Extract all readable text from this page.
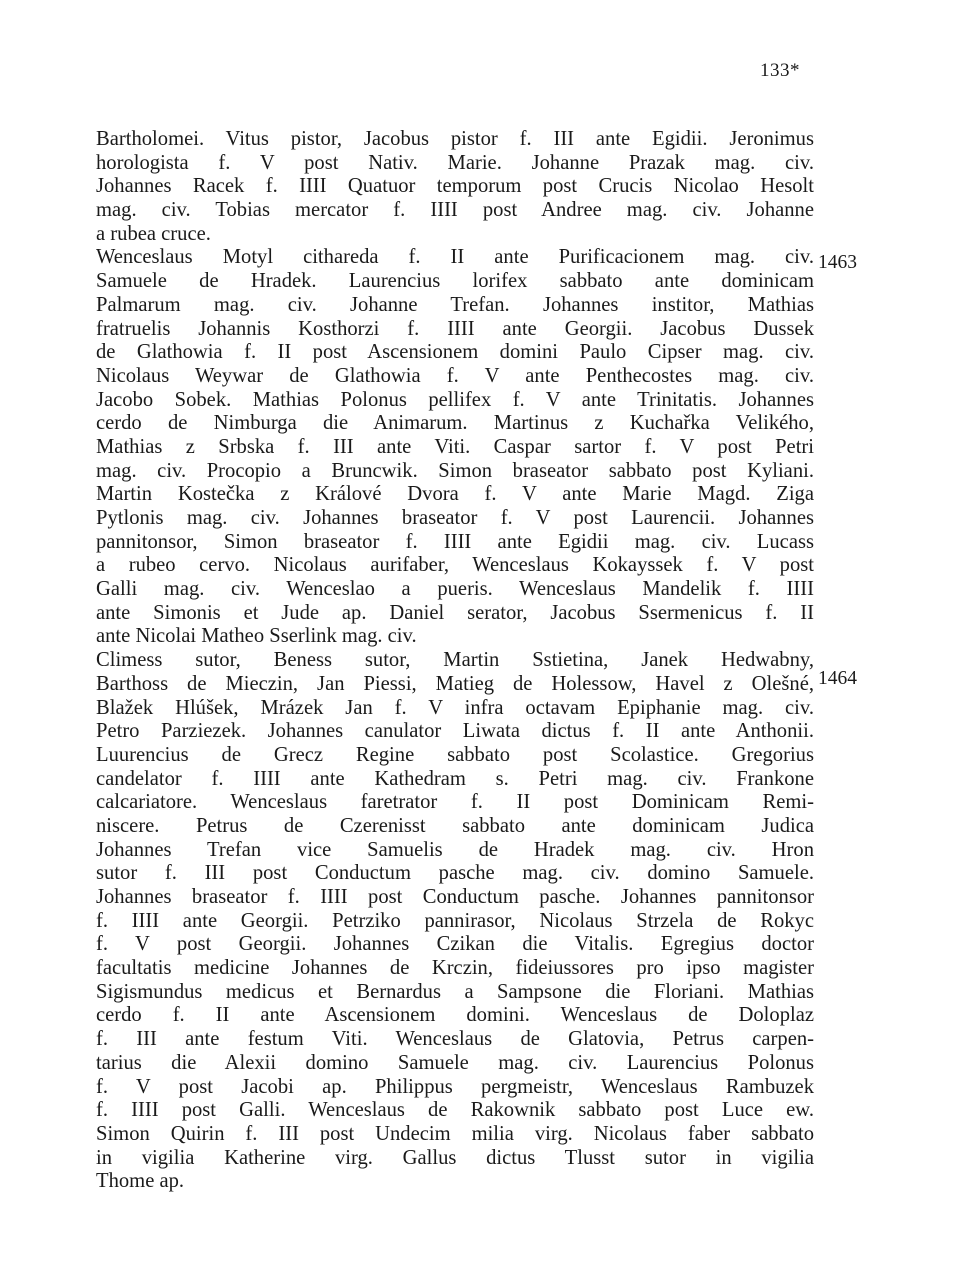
133*
Bartholomei. Vitus pistor, Jacobus pistor f. III ante Egidii. Jeronimus
horologista f. V post Nativ. Marie. Johanne Prazak mag. civ.
Johannes Racek f. IIII Quatuor temporum post Crucis Nicolao Hesolt
mag. civ. Tobias mercator f. IIII post Andree mag. civ. Johanne
a rubea cruce.
Wenceslaus Motyl cithareda f. II ante Purificacionem mag. civ.
Samuele de Hradek. Laurencius lorifex sabbato ante dominicam
Palmarum mag. civ. Johanne Trefan. Johannes institor, Mathias
fratruelis Johannis Kosthorzi f. IIII ante Georgii. Jacobus Dussek
de Glathowia f. II post Ascensionem domini Paulo Cipser mag. civ.
Nicolaus Weywar de Glathowia f. V ante Penthecostes mag. civ.
Jacobo Sobek. Mathias Polonus pellifex f. V ante Trinitatis. Johannes
cerdo de Nimburga die Animarum. Martinus z Kuchařka Velikého,
Mathias z Srbska f. III ante Viti. Caspar sartor f. V post Petri
mag. civ. Procopio a Bruncwik. Simon braseator sabbato post Kyliani.
Martin Kostečka z Králové Dvora f. V ante Marie Magd. Ziga
Pytlonis mag. civ. Johannes braseator f. V post Laurencii. Johannes
pannitonsor, Simon braseator f. IIII ante Egidii mag. civ. Lucass
a rubeo cervo. Nicolaus aurifaber, Wenceslaus Kokayssek f. V post
Galli mag. civ. Wenceslao a pueris. Wenceslaus Mandelik f. IIII
ante Simonis et Jude ap. Daniel serator, Jacobus Ssermenicus f. II
ante Nicolai Matheo Sserlink mag. civ.
Climess sutor, Beness sutor, Martin Sstietina, Janek Hedwabny,
Barthoss de Mieczin, Jan Piessi, Matieg de Holessow, Havel z Olešné,
Blažek Hlúšek, Mrázek Jan f. V infra octavam Epiphanie mag. civ.
Petro Parziezek. Johannes canulator Liwata dictus f. II ante Anthonii.
Luurencius de Grecz Regine sabbato post Scolastice. Gregorius
candelator f. IIII ante Kathedram s. Petri mag. civ. Frankone
calcariatore. Wenceslaus faretrator f. II post Dominicam Remi-
niscere. Petrus de Czerenisst sabbato ante dominicam Judica
Johannes Trefan vice Samuelis de Hradek mag. civ. Hron
sutor f. III post Conductum pasche mag. civ. domino Samuele.
Johannes braseator f. IIII post Conductum pasche. Johannes pannitonsor
f. IIII ante Georgii. Petrziko pannirasor, Nicolaus Strzela de Rokyc
f. V post Georgii. Johannes Czikan die Vitalis. Egregius doctor
facultatis medicine Johannes de Krczin, fideiussores pro ipso magister
Sigismundus medicus et Bernardus a Sampsone die Floriani. Mathias
cerdo f. II ante Ascensionem domini. Wenceslaus de Doloplaz
f. III ante festum Viti. Wenceslaus de Glatovia, Petrus carpen-
tarius die Alexii domino Samuele mag. civ. Laurencius Polonus
f. V post Jacobi ap. Philippus pergmeistr, Wenceslaus Rambuzek
f. IIII post Galli. Wenceslaus de Rakownik sabbato post Luce ew.
Simon Quirin f. III post Undecim milia virg. Nicolaus faber sabbato
in vigilia Katherine virg. Gallus dictus Tlusst sutor in vigilia
Thome ap.
1463
1464
